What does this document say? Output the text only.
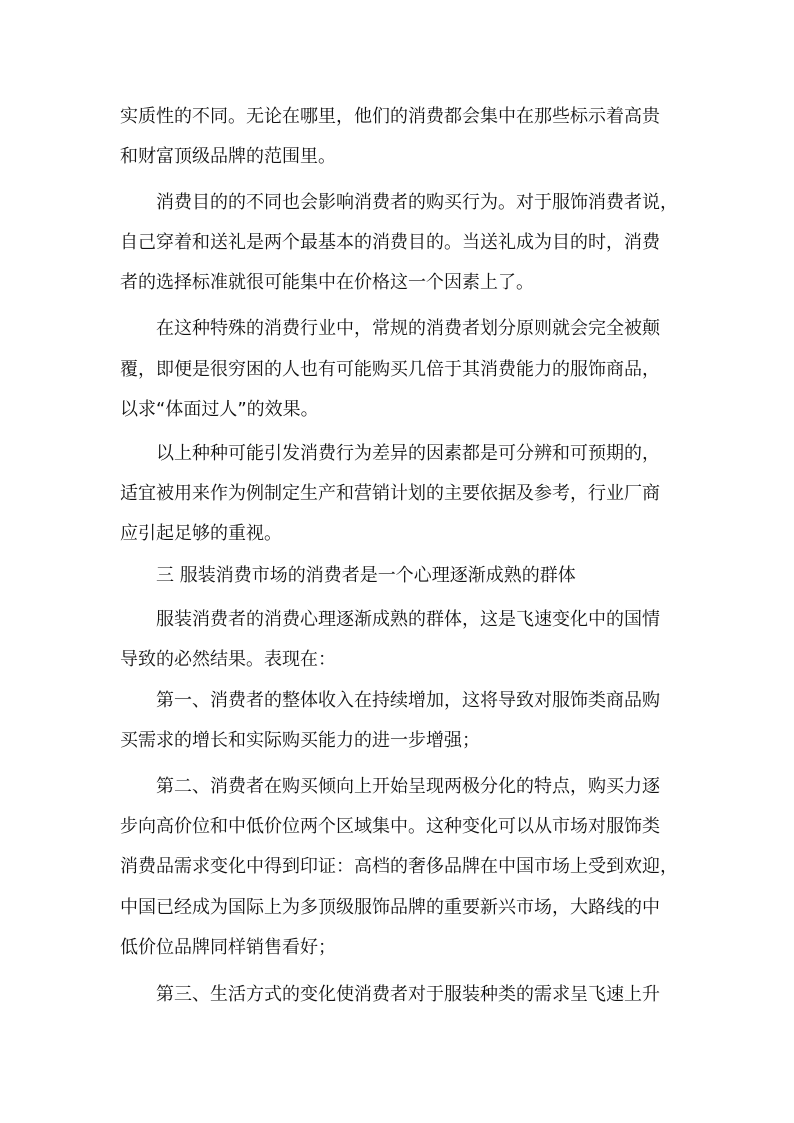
实质性的不同。无论在哪里，他们的消费都会集中在那些标示着高贵
和财富顶级品牌的范围里。
消费目的的不同也会影响消费者的购买行为。对于服饰消费者说，
自己穿着和送礼是两个最基本的消费目的。当送礼成为目的时，消费
者的选择标准就很可能集中在价格这一个因素上了。
在这种特殊的消费行业中，常规的消费者划分原则就会完全被颠
覆，即便是很穷困的人也有可能购买几倍于其消费能力的服饰商品，
以求“体面过人”的效果。
以上种种可能引发消费行为差异的因素都是可分辨和可预期的，
适宜被用来作为例制定生产和营销计划的主要依据及参考，行业厂商
应引起足够的重视。
三 服装消费市场的消费者是一个心理逐渐成熟的群体
服装消费者的消费心理逐渐成熟的群体，这是飞速变化中的国情
导致的必然结果。表现在：
第一、消费者的整体收入在持续增加，这将导致对服饰类商品购
买需求的增长和实际购买能力的进一步增强；
第二、消费者在购买倾向上开始呈现两极分化的特点，购买力逐
步向高价位和中低价位两个区域集中。这种变化可以从市场对服饰类
消费品需求变化中得到印证：高档的奢侈品牌在中国市场上受到欢迎，
中国已经成为国际上为多顶级服饰品牌的重要新兴市场，大路线的中
低价位品牌同样销售看好；
第三、生活方式的变化使消费者对于服装种类的需求呈飞速上升
